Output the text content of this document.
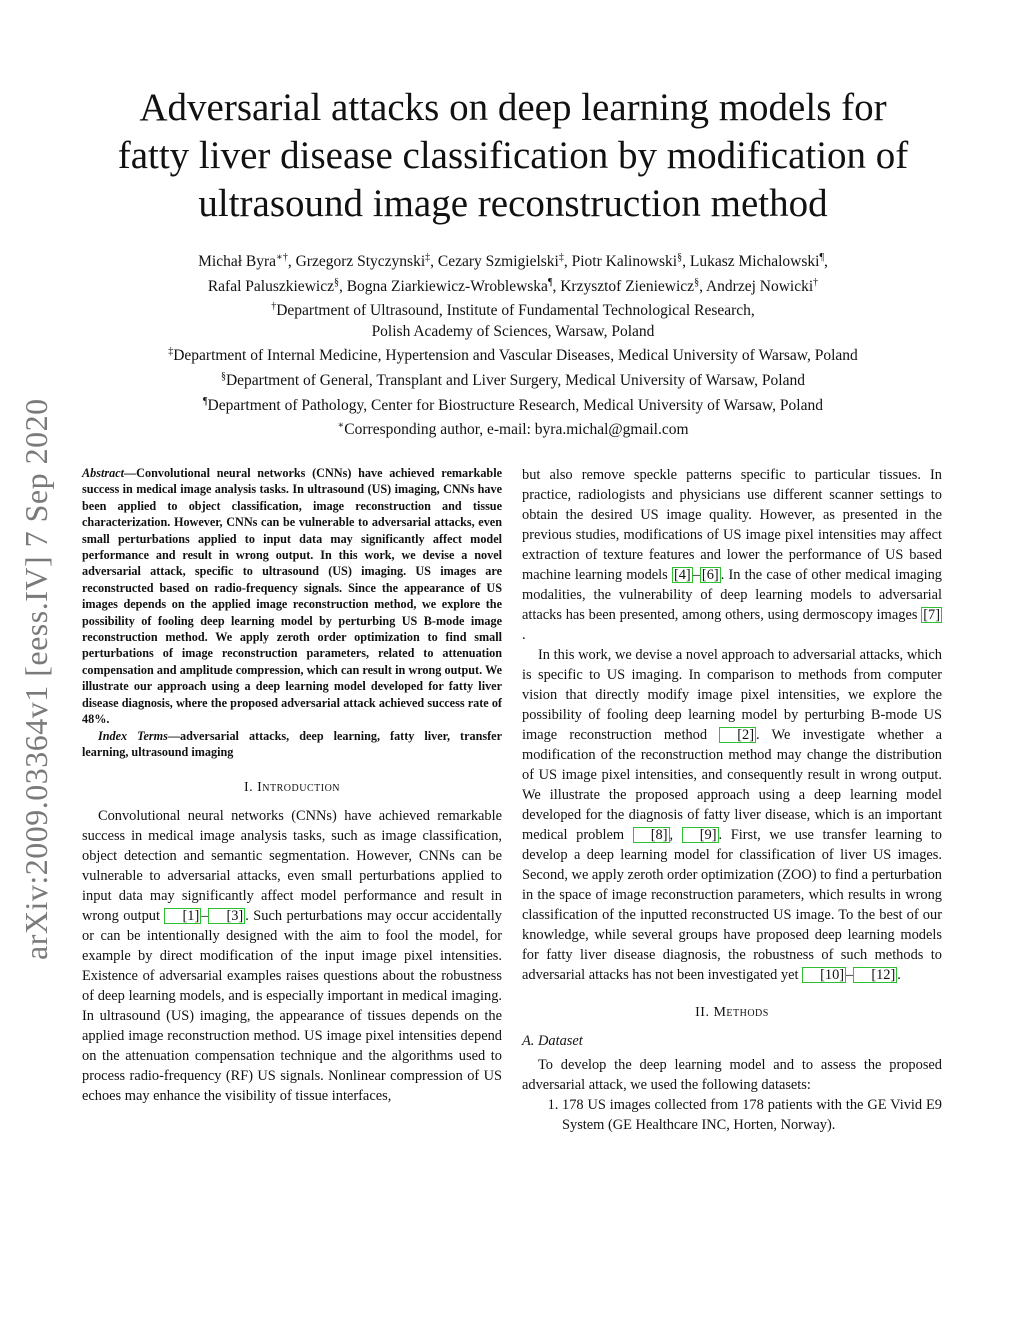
arXiv:2009.03364v1 [eess.IV] 7 Sep 2020
Adversarial attacks on deep learning models for
fatty liver disease classification by modification of
ultrasound image reconstruction method
Michał Byra∗†, Grzegorz Styczynski‡, Cezary Szmigielski‡, Piotr Kalinowski§, Lukasz Michalowski¶,
Rafal Paluszkiewicz§, Bogna Ziarkiewicz-Wroblewska¶, Krzysztof Zieniewicz§, Andrzej Nowicki†
†Department of Ultrasound, Institute of Fundamental Technological Research,
Polish Academy of Sciences, Warsaw, Poland
‡Department of Internal Medicine, Hypertension and Vascular Diseases, Medical University of Warsaw, Poland
§Department of General, Transplant and Liver Surgery, Medical University of Warsaw, Poland
¶Department of Pathology, Center for Biostructure Research, Medical University of Warsaw, Poland
∗Corresponding author, e-mail: byra.michal@gmail.com

Abstract—Convolutional neural networks (CNNs) have achieved remarkable success in medical image analysis tasks. In ultrasound (US) imaging, CNNs have been applied to object classification, image reconstruction and tissue characterization. However, CNNs can be vulnerable to adversarial attacks, even small perturbations applied to input data may significantly affect model performance and result in wrong output. In this work, we devise a novel adversarial attack, specific to ultrasound (US) imaging. US images are reconstructed based on radio-frequency signals. Since the appearance of US images depends on the applied image reconstruction method, we explore the possibility of fooling deep learning model by perturbing US B-mode image reconstruction method. We apply zeroth order optimization to find small perturbations of image reconstruction parameters, related to attenuation compensation and amplitude compression, which can result in wrong output. We illustrate our approach using a deep learning model developed for fatty liver disease diagnosis, where the proposed adversarial attack achieved success rate of 48%.

Index Terms—adversarial attacks, deep learning, fatty liver, transfer learning, ultrasound imaging

I. Introduction

Convolutional neural networks (CNNs) have achieved remarkable success in medical image analysis tasks, such as image classification, object detection and semantic segmentation. However, CNNs can be vulnerable to adversarial attacks, even small perturbations applied to input data may significantly affect model performance and result in wrong output [1] – [3] . Such perturbations may occur accidentally or can be intentionally designed with the aim to fool the model, for example by direct modification of the input image pixel intensities. Existence of adversarial examples raises questions about the robustness of deep learning models, and is especially important in medical imaging. In ultrasound (US) imaging, the appearance of tissues depends on the applied image reconstruction method. US image pixel intensities depend on the attenuation compensation technique and the algorithms used to process radio-frequency (RF) US signals. Nonlinear compression of US echoes may enhance the visibility of tissue interfaces,

but also remove speckle patterns specific to particular tissues. In practice, radiologists and physicians use different scanner settings to obtain the desired US image quality. However, as presented in the previous studies, modifications of US image pixel intensities may affect extraction of texture features and lower the performance of US based machine learning models [4] – [6] . In the case of other medical imaging modalities, the vulnerability of deep learning models to adversarial attacks has been presented, among others, using dermoscopy images [7].

In this work, we devise a novel approach to adversarial attacks, which is specific to US imaging. In comparison to methods from computer vision that directly modify image pixel intensities, we explore the possibility of fooling deep learning model by perturbing B-mode US image reconstruction method [2] . We investigate whether a modification of the reconstruction method may change the distribution of US image pixel intensities, and consequently result in wrong output. We illustrate the proposed approach using a deep learning model developed for the diagnosis of fatty liver disease, which is an important medical problem [8] , [9] . First, we use transfer learning to develop a deep learning model for classification of liver US images. Second, we apply zeroth order optimization (ZOO) to find a perturbation in the space of image reconstruction parameters, which results in wrong classification of the inputted reconstructed US image. To the best of our knowledge, while several groups have proposed deep learning models for fatty liver disease diagnosis, the robustness of such methods to adversarial attacks has not been investigated yet [10] – [12] .

II. Methods
A. Dataset

To develop the deep learning model and to assess the proposed adversarial attack, we used the following datasets:

1. 178 US images collected from 178 patients with the GE Vivid E9 System (GE Healthcare INC, Horten, Norway).
